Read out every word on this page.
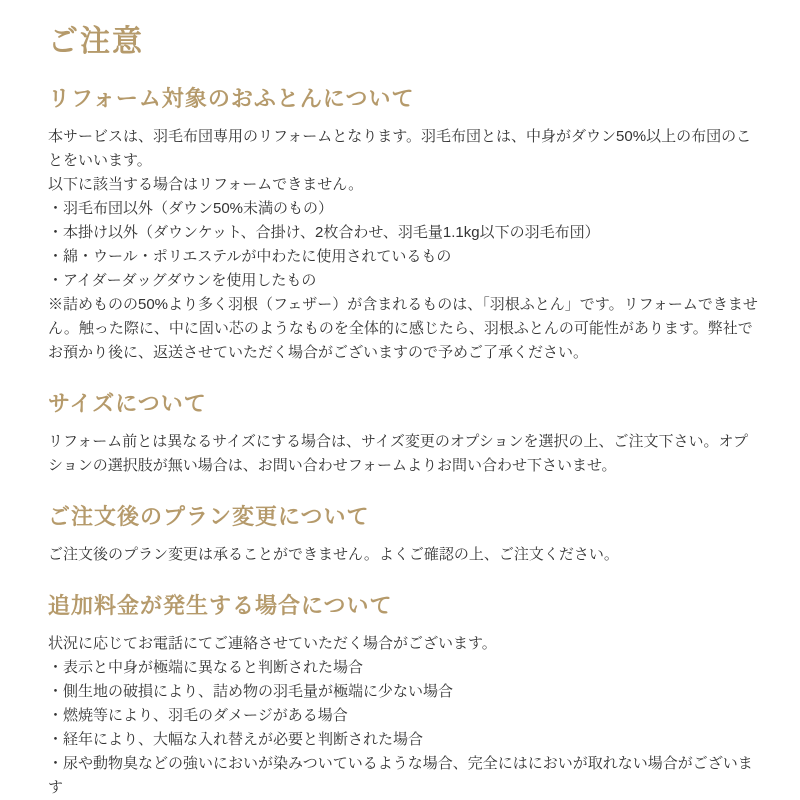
ご注意
リフォーム対象のおふとんについて

本サービスは、羽毛布団専用のリフォームとなります。羽毛布団とは、中身がダウン50%以上の布団のことをいいます。

以下に該当する場合はリフォームできません。

・羽毛布団以外（ダウン50%未満のもの）
・本掛け以外（ダウンケット、合掛け、2枚合わせ、羽毛量1.1kg以下の羽毛布団）
・綿・ウール・ポリエステルが中わたに使用されているもの
・アイダーダッグダウンを使用したもの

※詰めものの50%より多く羽根（フェザー）が含まれるものは、「羽根ふとん」です。リフォームできません。触った際に、中に固い芯のようなものを全体的に感じたら、羽根ふとんの可能性があります。弊社でお預かり後に、返送させていただく場合がございますので予めご了承ください。

サイズについて

リフォーム前とは異なるサイズにする場合は、サイズ変更のオプションを選択の上、ご注文下さい。オプションの選択肢が無い場合は、お問い合わせフォームよりお問い合わせ下さいませ。

ご注文後のプラン変更について

ご注文後のプラン変更は承ることができません。よくご確認の上、ご注文ください。

追加料金が発生する場合について

状況に応じてお電話にてご連絡させていただく場合がございます。

・表示と中身が極端に異なると判断された場合
・側生地の破損により、詰め物の羽毛量が極端に少ない場合
・燃焼等により、羽毛のダメージがある場合
・経年により、大幅な入れ替えが必要と判断された場合
・尿や動物臭などの強いにおいが染みついているような場合、完全にはにおいが取れない場合がございます
